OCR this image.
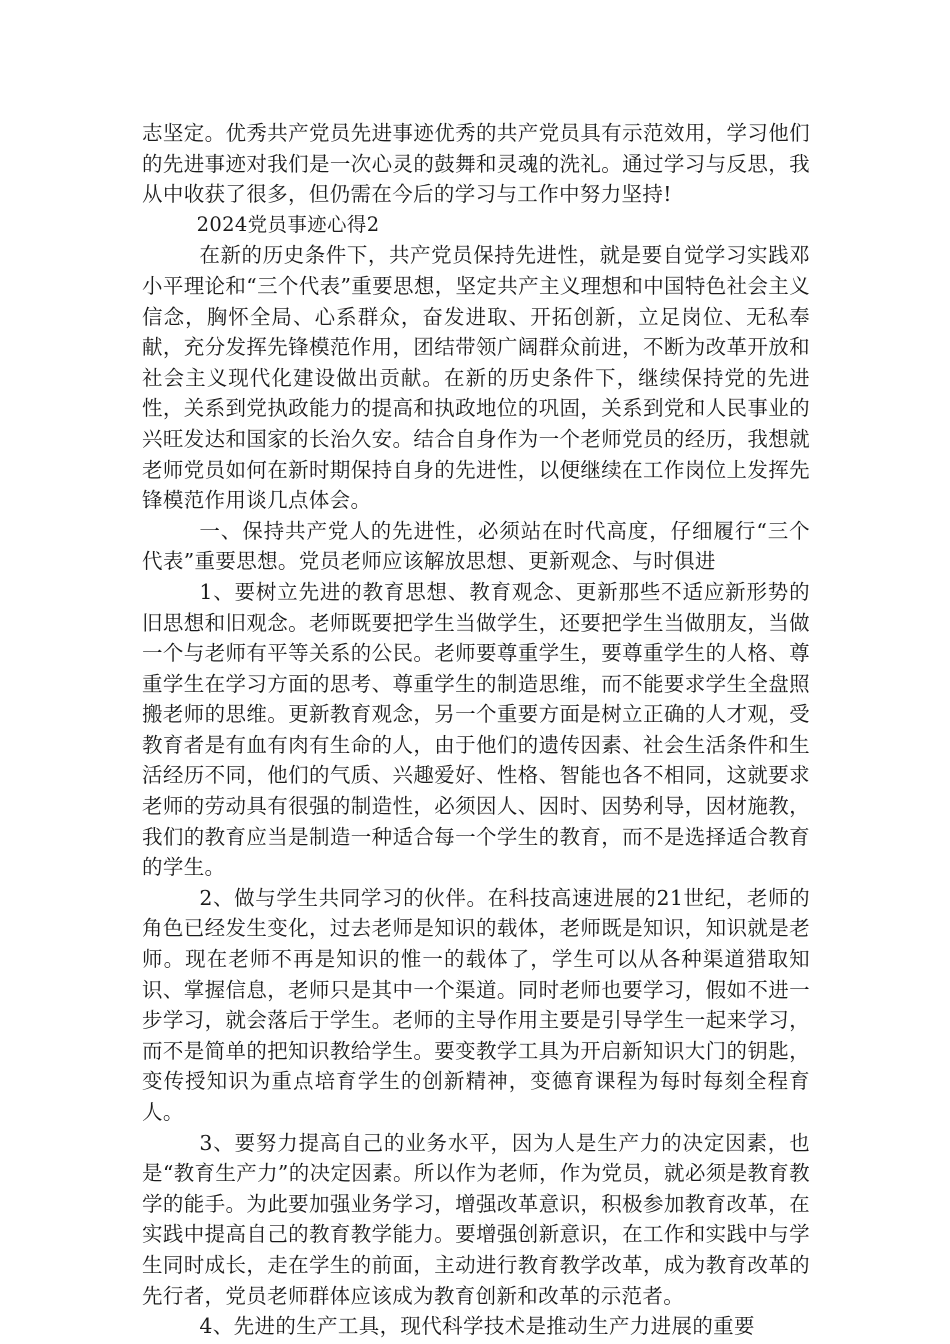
志坚定。优秀共产党员先进事迹优秀的共产党员具有示范效用，学习他们的先进事迹对我们是一次心灵的鼓舞和灵魂的洗礼。通过学习与反思，我从中收获了很多，但仍需在今后的学习与工作中努力坚持!

2024党员事迹心得2

在新的历史条件下，共产党员保持先进性，就是要自觉学习实践邓小平理论和“三个代表”重要思想，坚定共产主义理想和中国特色社会主义信念，胸怀全局、心系群众，奋发进取、开拓创新，立足岗位、无私奉献，充分发挥先锋模范作用，团结带领广阔群众前进，不断为改革开放和社会主义现代化建设做出贡献。在新的历史条件下，继续保持党的先进性，关系到党执政能力的提高和执政地位的巩固，关系到党和人民事业的兴旺发达和国家的长治久安。结合自身作为一个老师党员的经历，我想就老师党员如何在新时期保持自身的先进性，以便继续在工作岗位上发挥先锋模范作用谈几点体会。

一、保持共产党人的先进性，必须站在时代高度，仔细履行“三个代表”重要思想。党员老师应该解放思想、更新观念、与时俱进

1、要树立先进的教育思想、教育观念、更新那些不适应新形势的旧思想和旧观念。老师既要把学生当做学生，还要把学生当做朋友，当做一个与老师有平等关系的公民。老师要尊重学生，要尊重学生的人格、尊重学生在学习方面的思考、尊重学生的制造思维，而不能要求学生全盘照搬老师的思维。更新教育观念，另一个重要方面是树立正确的人才观，受教育者是有血有肉有生命的人，由于他们的遗传因素、社会生活条件和生活经历不同，他们的气质、兴趣爱好、性格、智能也各不相同，这就要求老师的劳动具有很强的制造性，必须因人、因时、因势利导，因材施教，我们的教育应当是制造一种适合每一个学生的教育，而不是选择适合教育的学生。

2、做与学生共同学习的伙伴。在科技高速进展的21世纪，老师的角色已经发生变化，过去老师是知识的载体，老师既是知识，知识就是老师。现在老师不再是知识的惟一的载体了，学生可以从各种渠道猎取知识、掌握信息，老师只是其中一个渠道。同时老师也要学习，假如不进一步学习，就会落后于学生。老师的主导作用主要是引导学生一起来学习，而不是简单的把知识教给学生。要变教学工具为开启新知识大门的钥匙，变传授知识为重点培育学生的创新精神，变德育课程为每时每刻全程育人。

3、要努力提高自己的业务水平，因为人是生产力的决定因素，也是“教育生产力”的决定因素。所以作为老师，作为党员，就必须是教育教学的能手。为此要加强业务学习，增强改革意识，积极参加教育改革，在实践中提高自己的教育教学能力。要增强创新意识，在工作和实践中与学生同时成长，走在学生的前面，主动进行教育教学改革，成为教育改革的先行者，党员老师群体应该成为教育创新和改革的示范者。

4、先进的生产工具，现代科学技术是推动生产力进展的重要
